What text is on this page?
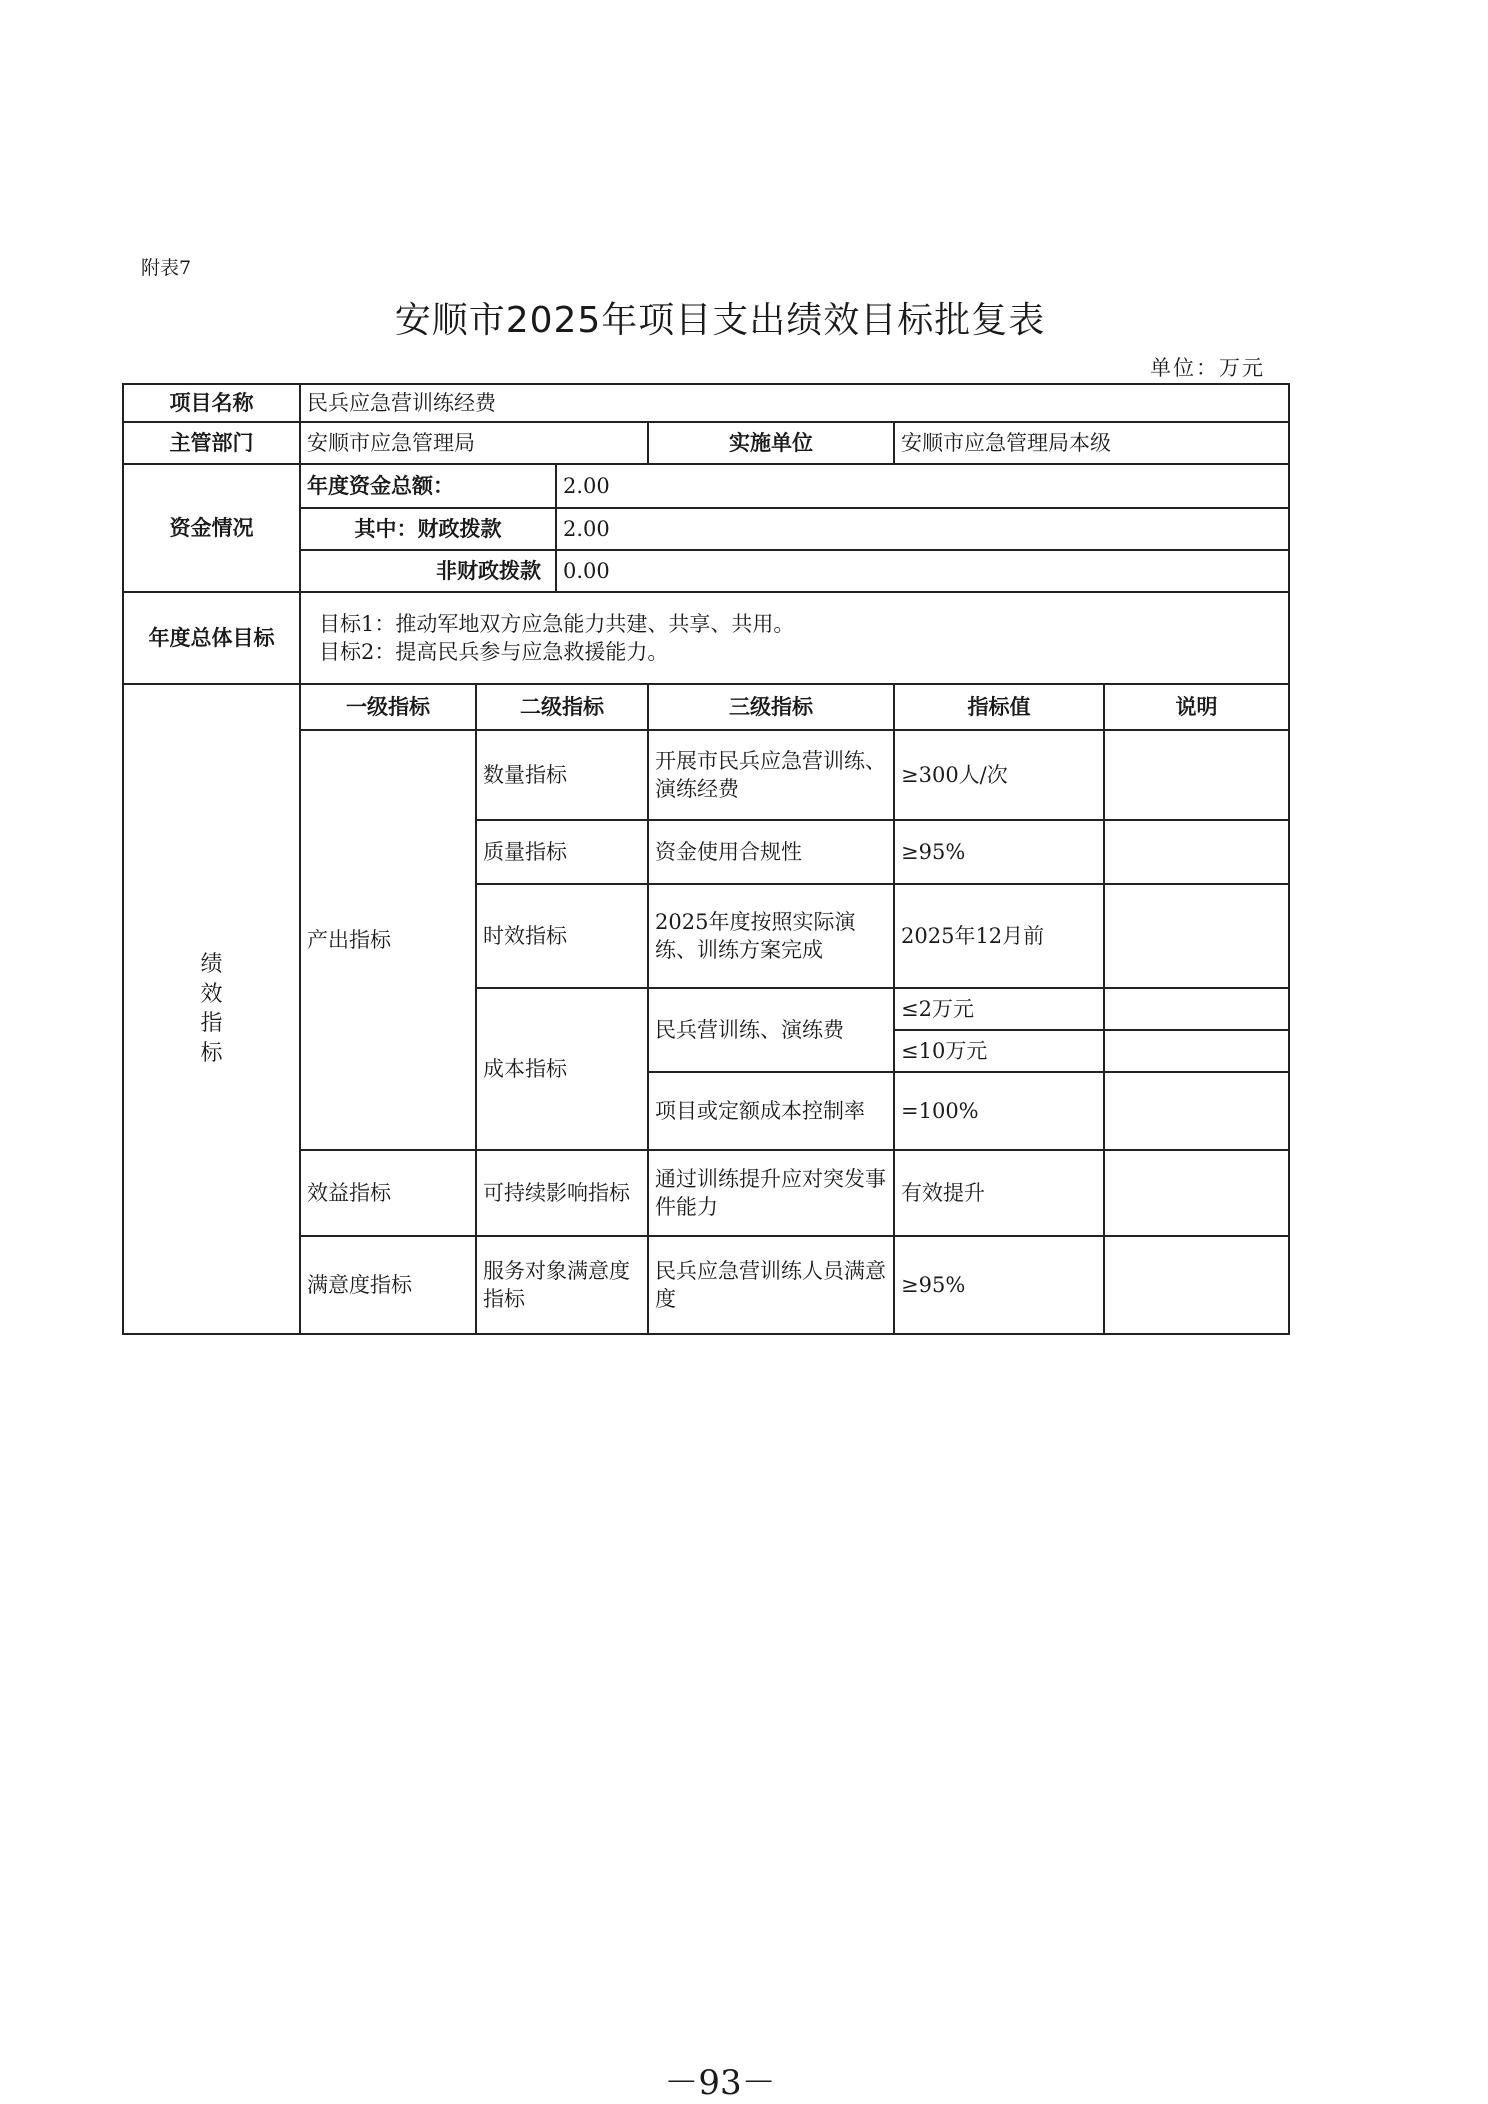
附表7
安顺市2025年项目支出绩效目标批复表
单位：万元
项目名称	民兵应急营训练经费					
主管部门	安顺市应急管理局			实施单位	安顺市应急管理局本级	
资金情况	年度资金总额：		2.00			
	其中：财政拨款		2.00			
	非财政拨款		0.00			
年度总体目标	目标1：推动军地双方应急能力共建、共享、共用。
目标2：提高民兵参与应急救援能力。					

绩
效
指
标	一级指标	二级指标		三级指标	指标值	说明
	产出指标	数量指标		开展市民兵应急营训练、演练经费	≥300人/次	
		质量指标		资金使用合规性	≥95%	
		时效指标		2025年度按照实际演练、训练方案完成	2025年12月前	
		成本指标		民兵营训练、演练费	≤2万元	
					≤10万元	
				项目或定额成本控制率	=100%	
	效益指标	可持续影响指标		通过训练提升应对突发事件能力	有效提升	
	满意度指标	服务对象满意度指标		民兵应急营训练人员满意度	≥95%	
－93－
